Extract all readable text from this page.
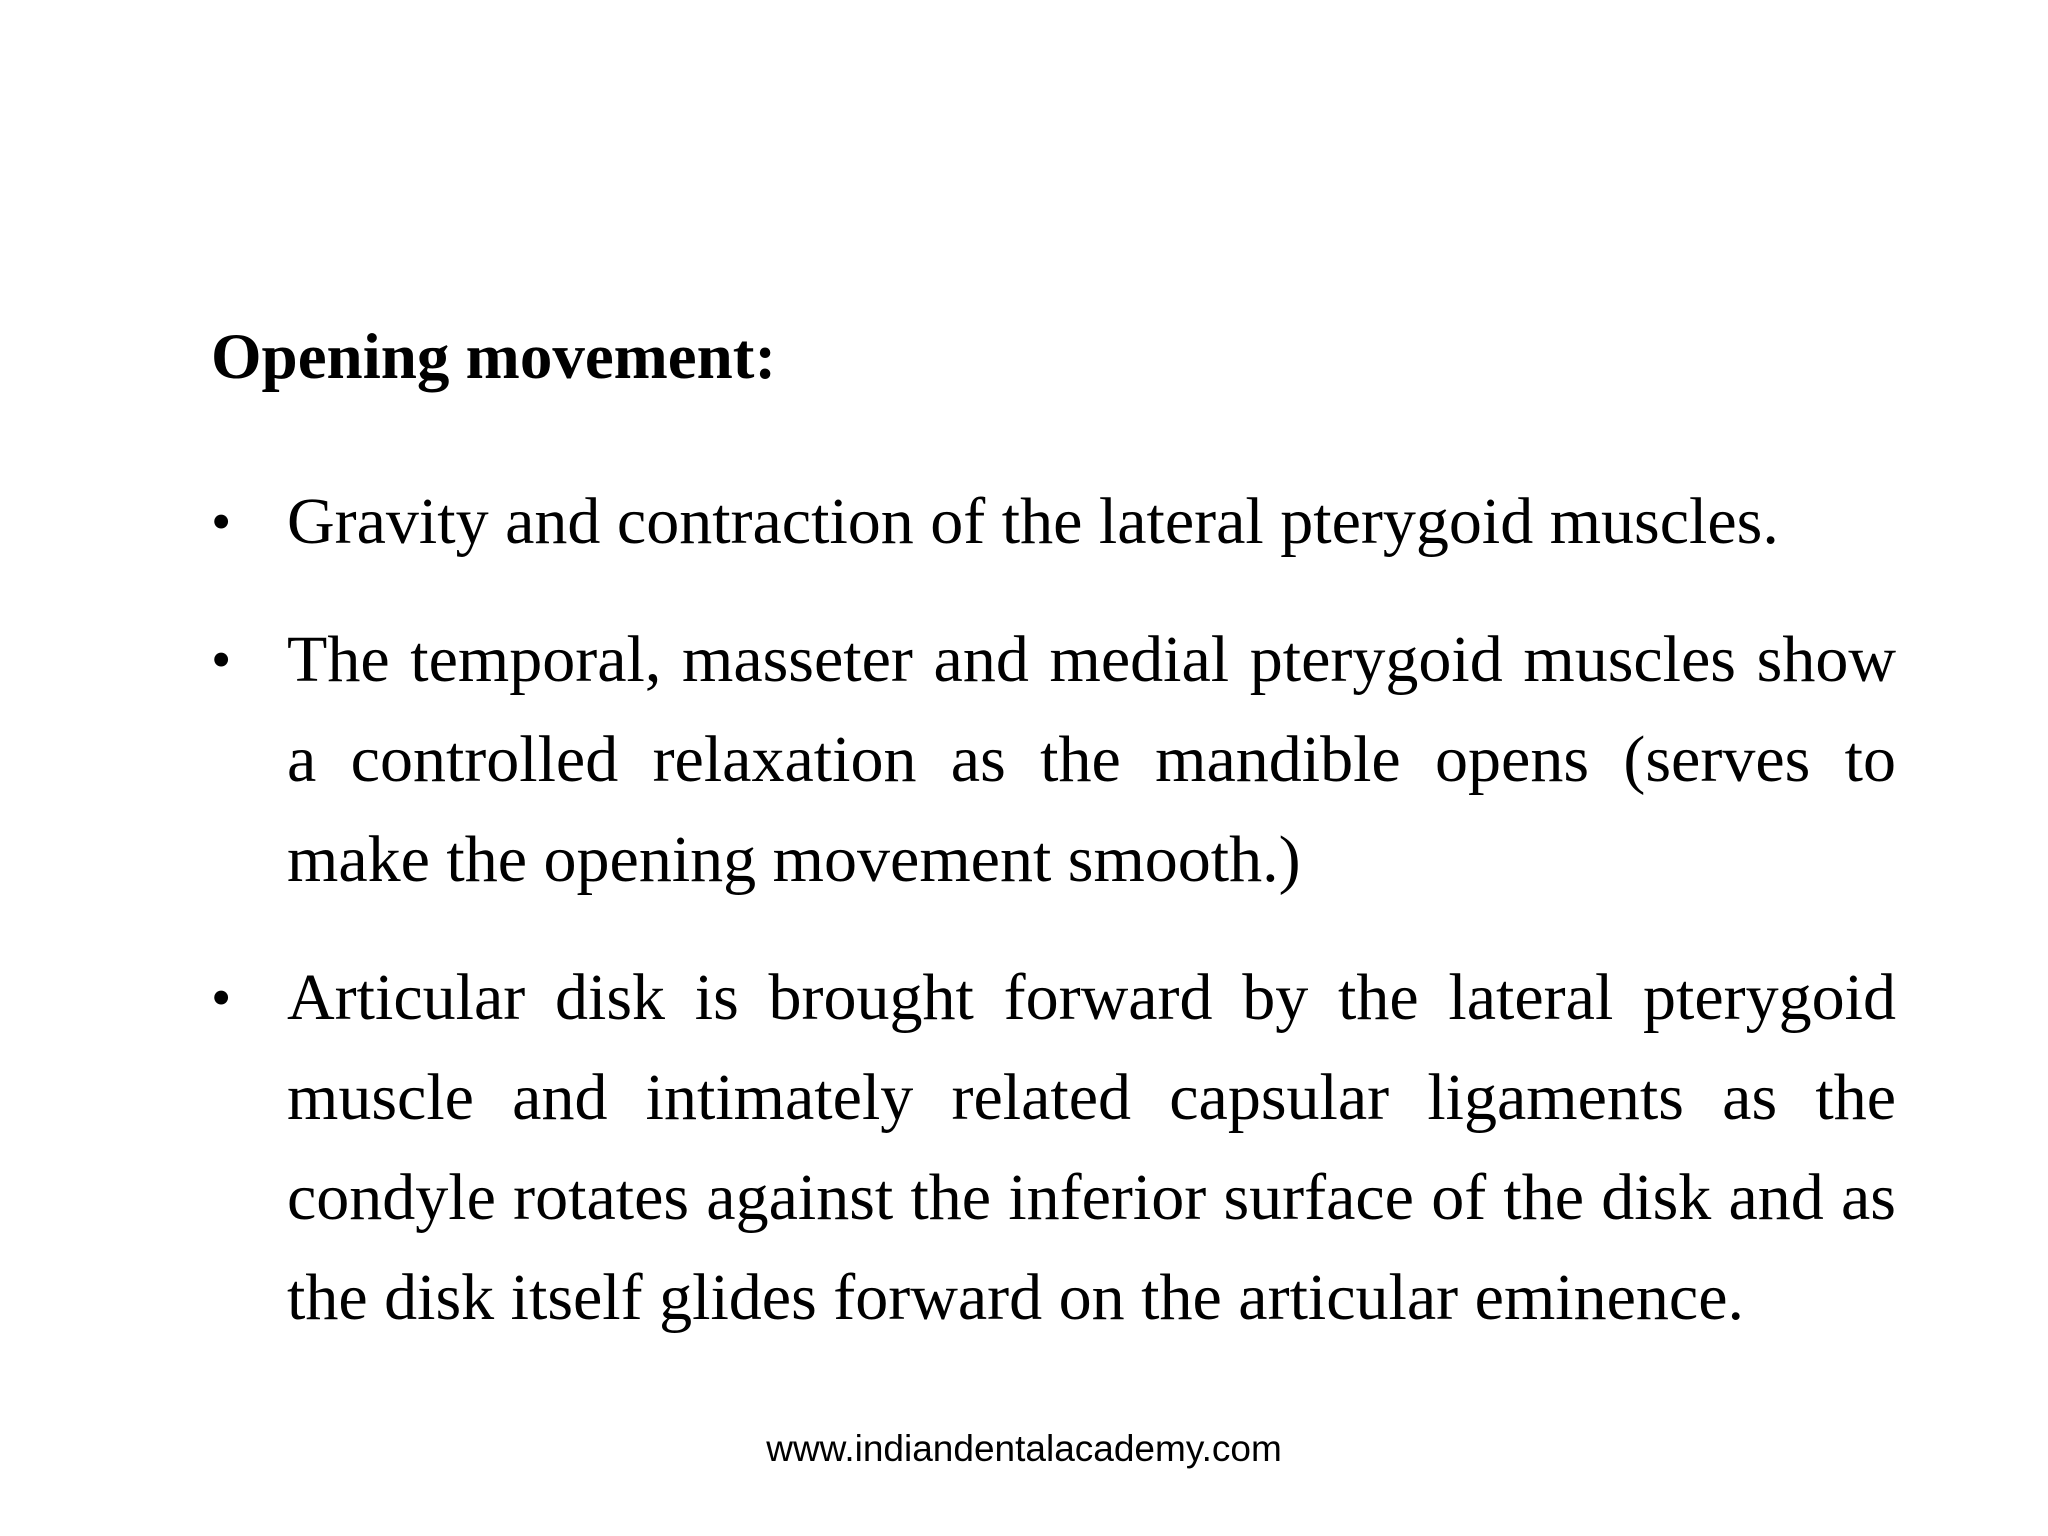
Opening movement:
• Gravity and contraction of the lateral pterygoid muscles.
• The temporal, masseter and medial pterygoid muscles show a controlled relaxation as the mandible opens (serves to make the opening movement smooth.)
• Articular disk is brought forward by the lateral pterygoid muscle and intimately related capsular ligaments as the condyle rotates against the inferior surface of the disk and as the disk itself glides forward on the articular eminence.

www.indiandentalacademy.com
